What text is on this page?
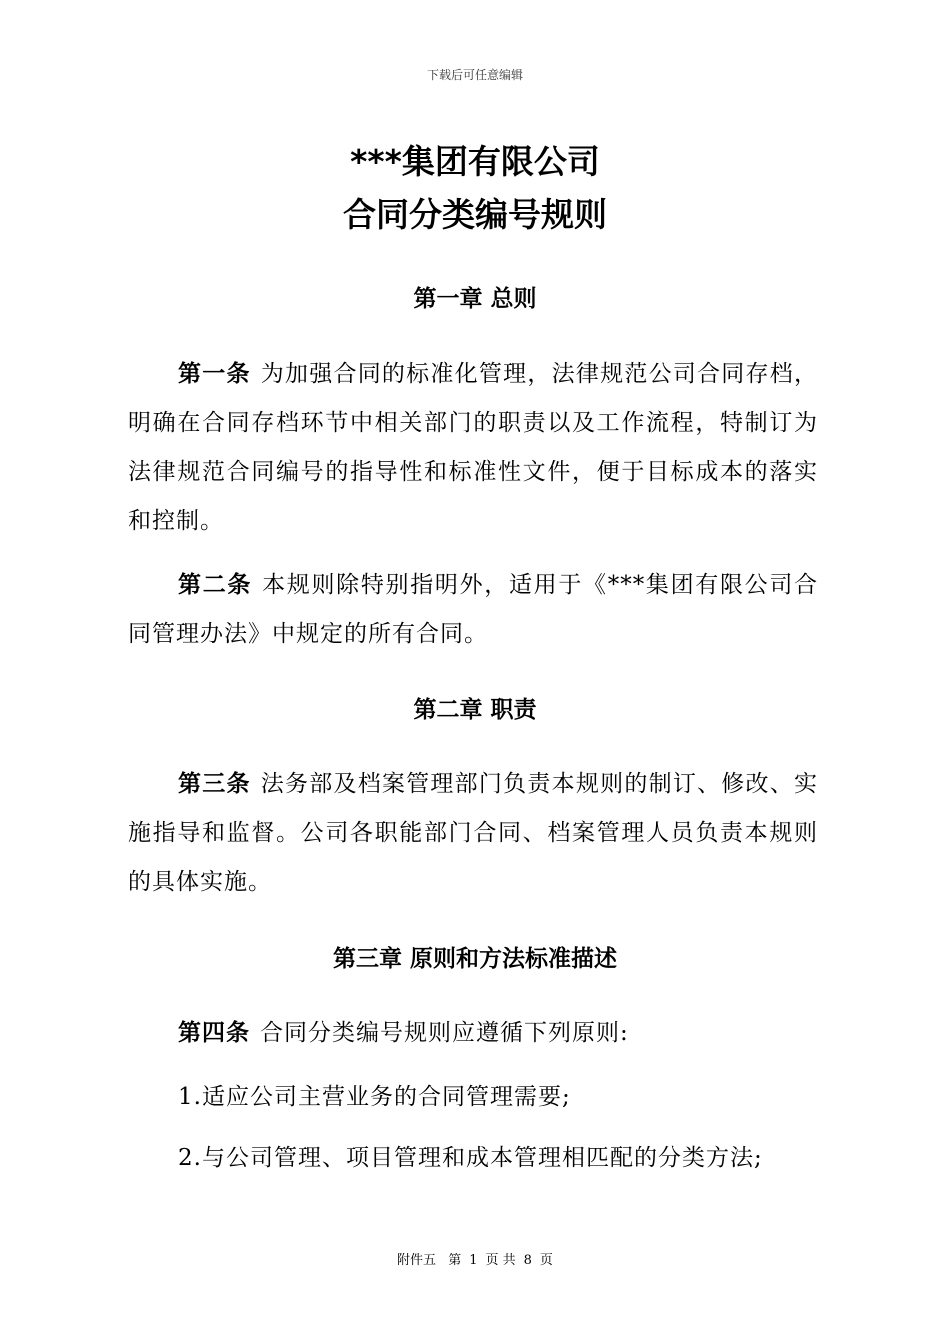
下载后可任意编辑
***集团有限公司
合同分类编号规则
第一章 总则
第一条 为加强合同的标准化管理，法律规范公司合同存档，明确在合同存档环节中相关部门的职责以及工作流程，特制订为法律规范合同编号的指导性和标准性文件，便于目标成本的落实和控制。
第二条 本规则除特别指明外，适用于《***集团有限公司合同管理办法》中规定的所有合同。
第二章 职责
第三条 法务部及档案管理部门负责本规则的制订、修改、实施指导和监督。公司各职能部门合同、档案管理人员负责本规则的具体实施。
第三章 原则和方法标准描述
第四条 合同分类编号规则应遵循下列原则:
1.适应公司主营业务的合同管理需要;
2.与公司管理、项目管理和成本管理相匹配的分类方法;
附件五 第 1 页 共 8 页
